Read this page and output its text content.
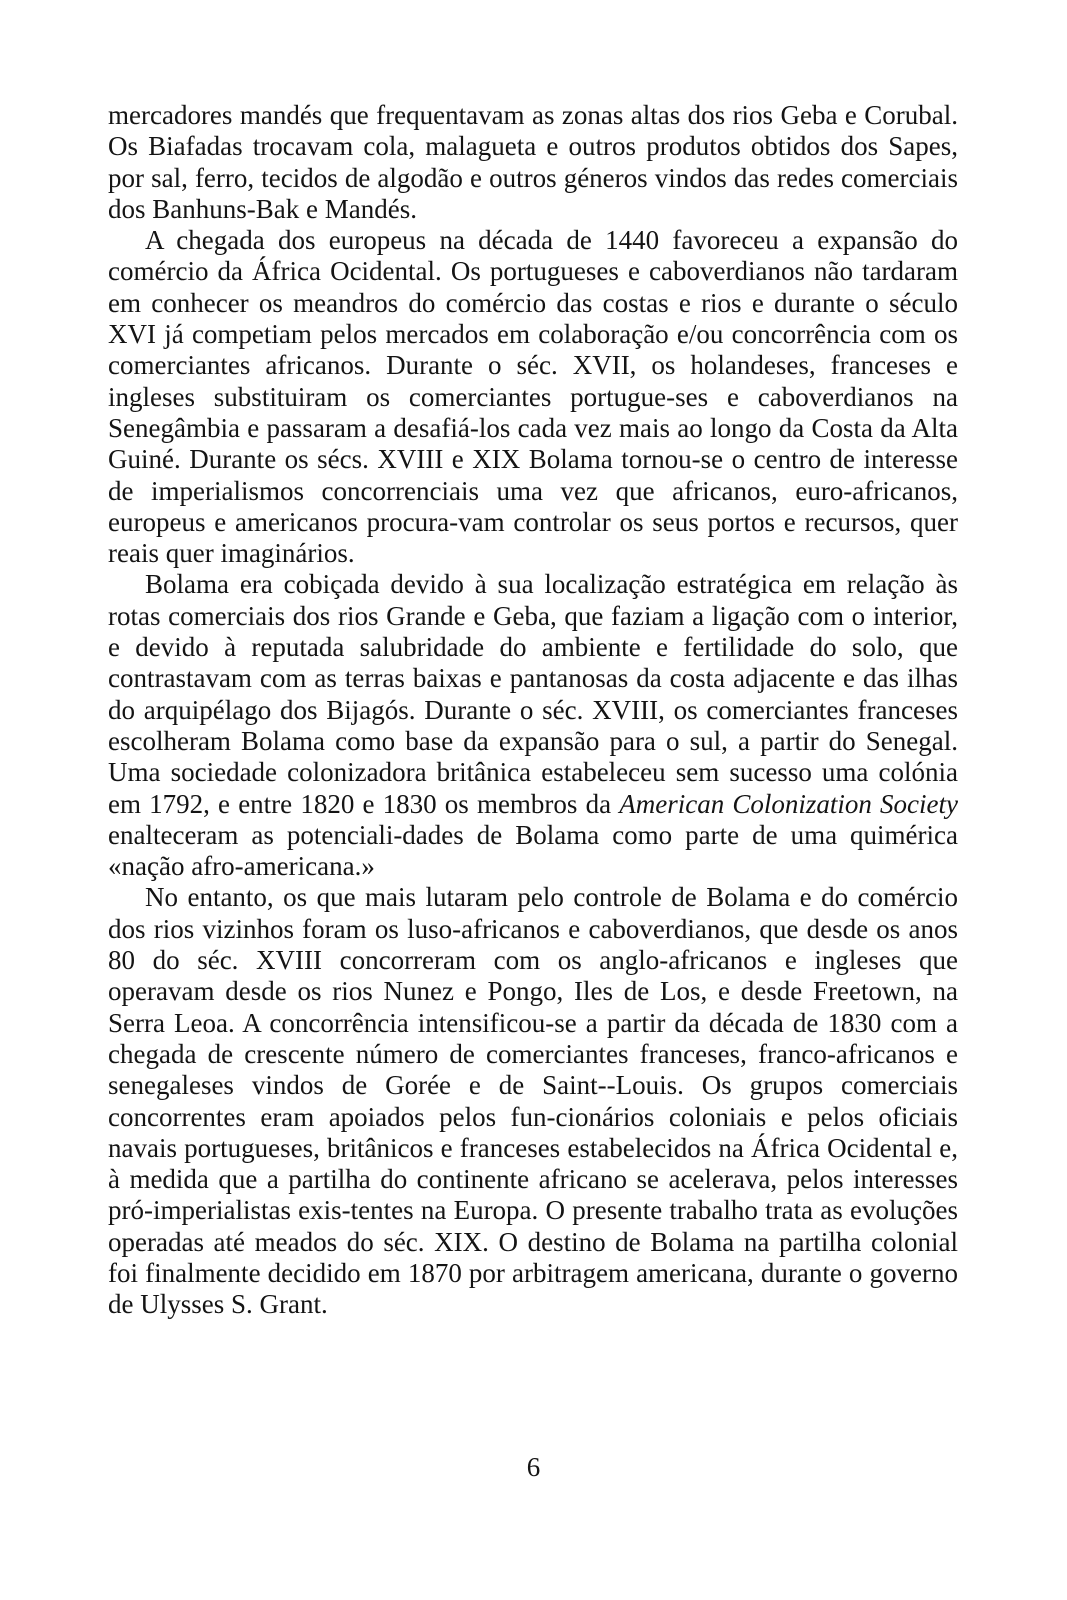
mercadores mandés que frequentavam as zonas altas dos rios Geba e Corubal. Os Biafadas trocavam cola, malagueta e outros produtos obtidos dos Sapes, por sal, ferro, tecidos de algodão e outros géneros vindos das redes comerciais dos Banhuns-Bak e Mandés.

A chegada dos europeus na década de 1440 favoreceu a expansão do comércio da África Ocidental. Os portugueses e caboverdianos não tardaram em conhecer os meandros do comércio das costas e rios e durante o século XVI já competiam pelos mercados em colaboração e/ou concorrência com os comerciantes africanos. Durante o séc. XVII, os holandeses, franceses e ingleses substituiram os comerciantes portugue-ses e caboverdianos na Senegâmbia e passaram a desafiá-los cada vez mais ao longo da Costa da Alta Guiné. Durante os sécs. XVIII e XIX Bolama tornou-se o centro de interesse de imperialismos concorrenciais uma vez que africanos, euro-africanos, europeus e americanos procura-vam controlar os seus portos e recursos, quer reais quer imaginários.

Bolama era cobiçada devido à sua localização estratégica em relação às rotas comerciais dos rios Grande e Geba, que faziam a ligação com o interior, e devido à reputada salubridade do ambiente e fertilidade do solo, que contrastavam com as terras baixas e pantanosas da costa adjacente e das ilhas do arquipélago dos Bijagós. Durante o séc. XVIII, os comerciantes franceses escolheram Bolama como base da expansão para o sul, a partir do Senegal. Uma sociedade colonizadora britânica estabeleceu sem sucesso uma colónia em 1792, e entre 1820 e 1830 os membros da American Colonization Society enalteceram as potenciali-dades de Bolama como parte de uma quimérica «nação afro-americana.»

No entanto, os que mais lutaram pelo controle de Bolama e do comércio dos rios vizinhos foram os luso-africanos e caboverdianos, que desde os anos 80 do séc. XVIII concorreram com os anglo-africanos e ingleses que operavam desde os rios Nunez e Pongo, Iles de Los, e desde Freetown, na Serra Leoa. A concorrência intensificou-se a partir da década de 1830 com a chegada de crescente número de comerciantes franceses, franco-africanos e senegaleses vindos de Gorée e de Saint--Louis. Os grupos comerciais concorrentes eram apoiados pelos fun-cionários coloniais e pelos oficiais navais portugueses, britânicos e franceses estabelecidos na África Ocidental e, à medida que a partilha do continente africano se acelerava, pelos interesses pró-imperialistas exis-tentes na Europa. O presente trabalho trata as evoluções operadas até meados do séc. XIX. O destino de Bolama na partilha colonial foi finalmente decidido em 1870 por arbitragem americana, durante o governo de Ulysses S. Grant.

6
